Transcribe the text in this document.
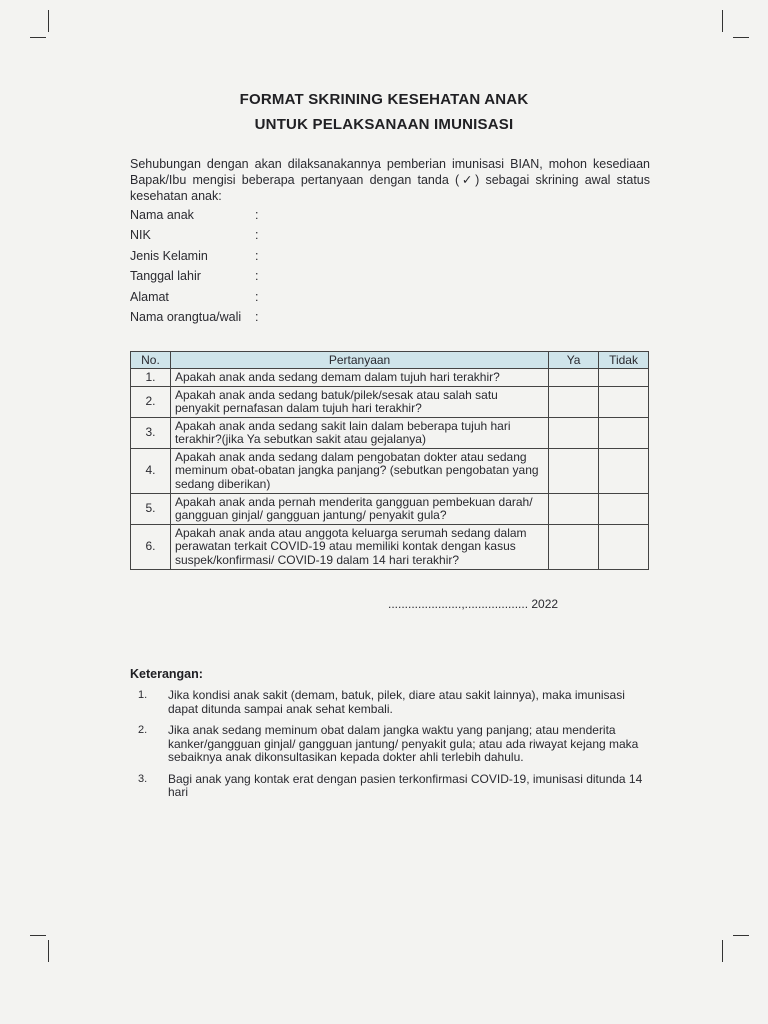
FORMAT SKRINING KESEHATAN ANAK
UNTUK PELAKSANAAN IMUNISASI
Sehubungan dengan akan dilaksanakannya pemberian imunisasi BIAN, mohon kesediaan Bapak/Ibu mengisi beberapa pertanyaan dengan tanda (✓) sebagai skrining awal status kesehatan anak:
Nama anak	:
NIK	:
Jenis Kelamin	:
Tanggal lahir	:
Alamat	:
Nama orangtua/wali :
No.	Pertanyaan	Ya	Tidak
1.	Apakah anak anda sedang demam dalam tujuh hari terakhir?		
2.	Apakah anak anda sedang batuk/pilek/sesak atau salah satu penyakit pernafasan dalam tujuh hari terakhir?		
3.	Apakah anak anda sedang sakit lain dalam beberapa tujuh hari terakhir?(jika Ya sebutkan sakit atau gejalanya)		
4.	Apakah anak anda sedang dalam pengobatan dokter atau sedang meminum obat-obatan jangka panjang? (sebutkan pengobatan yang sedang diberikan)		
5.	Apakah anak anda pernah menderita gangguan pembekuan darah/ gangguan ginjal/ gangguan jantung/ penyakit gula?		
6.	Apakah anak anda atau anggota keluarga serumah sedang dalam perawatan terkait COVID-19 atau memiliki kontak dengan kasus suspek/konfirmasi/ COVID-19 dalam 14 hari terakhir?		
......................,................... 2022
Keterangan:
1.	Jika kondisi anak sakit (demam, batuk, pilek, diare atau sakit lainnya), maka imunisasi dapat ditunda sampai anak sehat kembali.
2.	Jika anak sedang meminum obat dalam jangka waktu yang panjang; atau menderita kanker/gangguan ginjal/ gangguan jantung/ penyakit gula; atau ada riwayat kejang maka sebaiknya anak dikonsultasikan kepada dokter ahli terlebih dahulu.
3.	Bagi anak yang kontak erat dengan pasien terkonfirmasi COVID-19, imunisasi ditunda 14 hari
